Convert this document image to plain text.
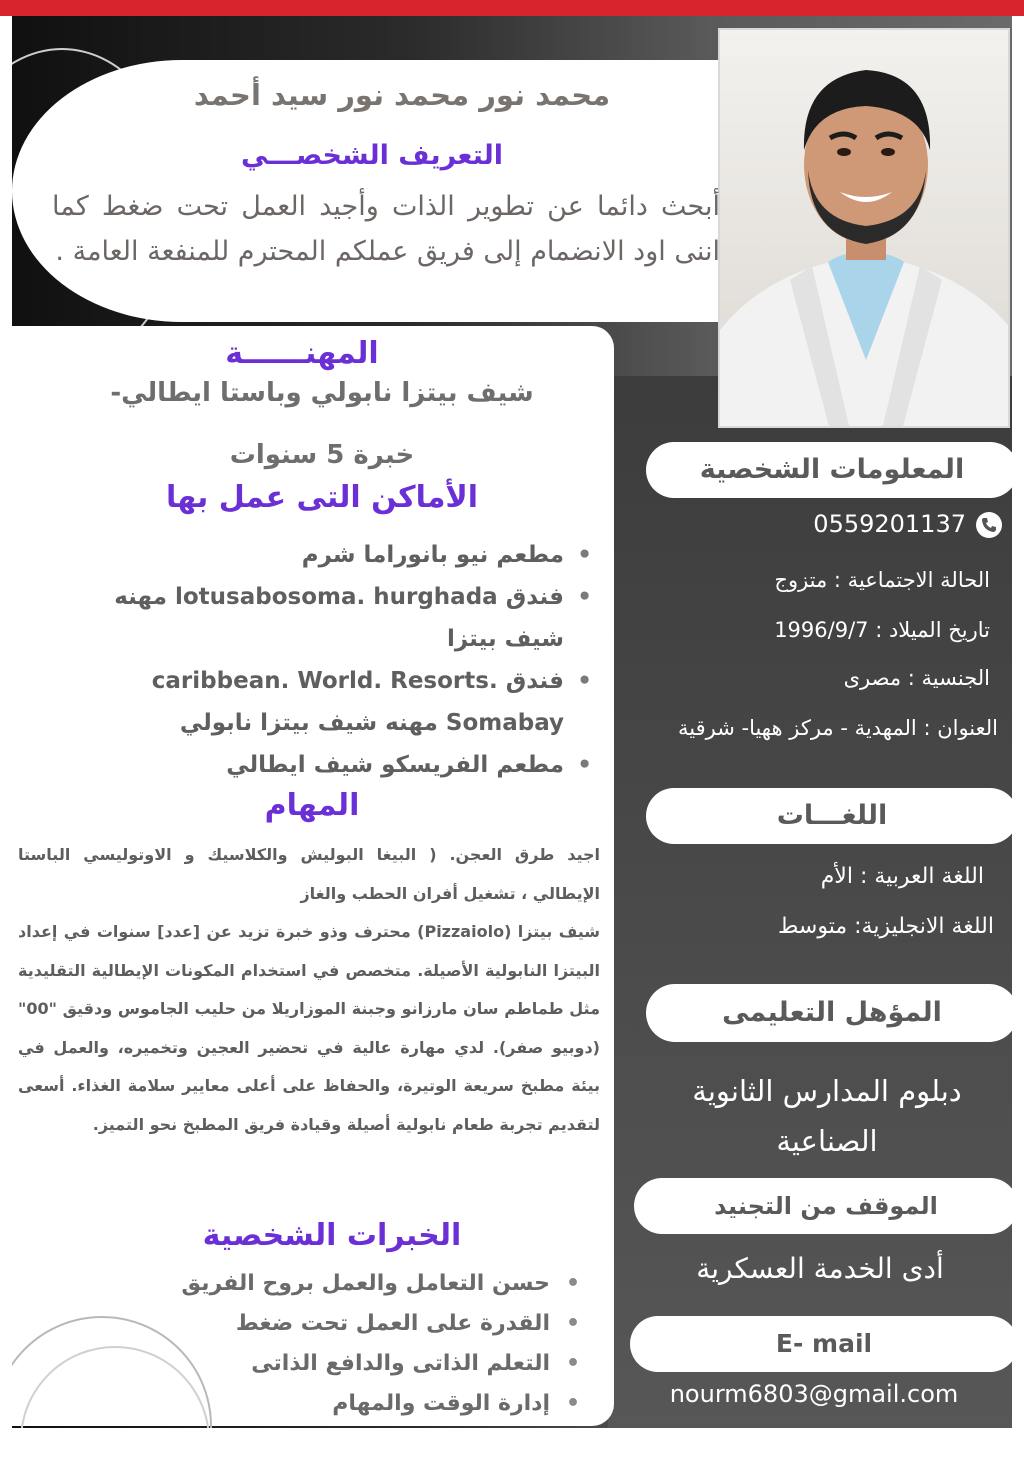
محمد نور محمد نور سيد أحمد
التعريف الشخصـــي
أبحث دائما عن تطوير الذات وأجيد العمل تحت ضغط كما اننى اود الانضمام إلى فريق عملكم المحترم للمنفعة العامة .
المهنــــــة
شيف بيتزا نابولي وباستا ايطالي-
خبرة 5 سنوات
الأماكن التى عمل بها
• مطعم نيو بانوراما شرم
• فندق lotusabosoma. hurghada مهنه شيف بيتزا
• فندق .caribbean. World. Resorts Somabay مهنه شيف بيتزا نابولي
• مطعم الفريسكو شيف ايطالي
المهام

اجيد طرق العجن. ( البيغا البوليش والكلاسيك و الاوتوليسي الباستا الإيطالي ، تشغيل أفران الحطب والغاز

شيف بيتزا (Pizzaiolo) محترف وذو خبرة تزيد عن [عدد] سنوات في إعداد البيتزا النابولية الأصيلة. متخصص في استخدام المكونات الإيطالية التقليدية مثل طماطم سان مارزانو وجبنة الموزاريلا من حليب الجاموس ودقيق "00" (دوبيو صفر). لدي مهارة عالية في تحضير العجين وتخميره، والعمل في بيئة مطبخ سريعة الوتيرة، والحفاظ على أعلى معايير سلامة الغذاء. أسعى لتقديم تجربة طعام نابولية أصيلة وقيادة فريق المطبخ نحو التميز.

الخبرات الشخصية
• حسن التعامل والعمل بروح الفريق
• القدرة على العمل تحت ضغط
• التعلم الذاتى والدافع الذاتى
• إدارة الوقت والمهام
المعلومات الشخصية
0559201137
الحالة الاجتماعية : متزوج
تاريخ الميلاد : 1996/9/7
الجنسية : مصرى
العنوان : المهدية - مركز ههيا- شرقية
اللغـــات
اللغة العربية : الأم
اللغة الانجليزية: متوسط
المؤهل التعليمى
دبلوم المدارس الثانوية الصناعية
الموقف من التجنيد
أدى الخدمة العسكرية
E- mail
nourm6803@gmail.com
